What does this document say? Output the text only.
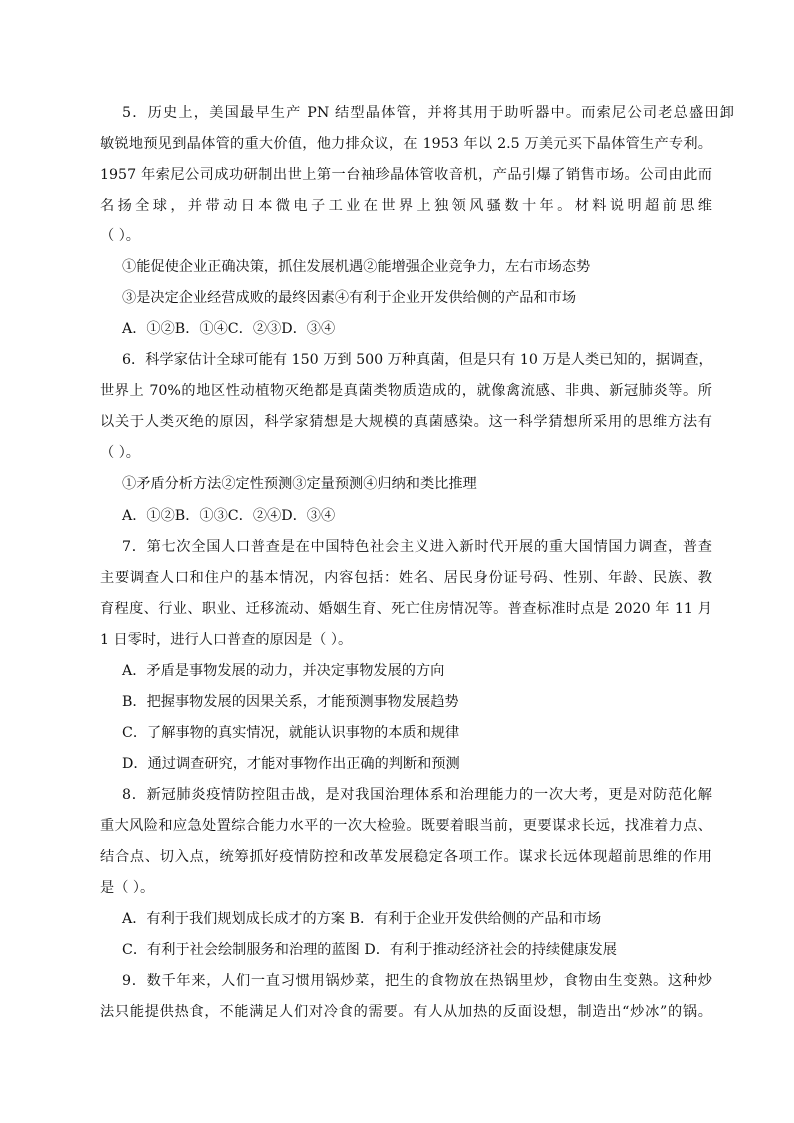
5．历史上，美国最早生产 PN 结型晶体管，并将其用于助听器中。而索尼公司老总盛田卸
敏锐地预见到晶体管的重大价值，他力排众议，在 1953 年以 2.5 万美元买下晶体管生产专利。
1957 年索尼公司成功研制出世上第一台袖珍晶体管收音机，产品引爆了销售市场。公司由此而
名扬全球，并带动日本微电子工业在世界上独领风骚数十年。材料说明超前思维
（ ）。
①能促使企业正确决策，抓住发展机遇②能增强企业竞争力，左右市场态势
③是决定企业经营成败的最终因素④有利于企业开发供给侧的产品和市场
A．①②B．①④C．②③D．③④
6．科学家估计全球可能有 150 万到 500 万种真菌，但是只有 10 万是人类已知的，据调查，
世界上 70%的地区性动植物灭绝都是真菌类物质造成的，就像禽流感、非典、新冠肺炎等。所
以关于人类灭绝的原因，科学家猜想是大规模的真菌感染。这一科学猜想所采用的思维方法有
（ ）。
①矛盾分析方法②定性预测③定量预测④归纳和类比推理
A．①②B．①③C．②④D．③④
7．第七次全国人口普查是在中国特色社会主义进入新时代开展的重大国情国力调查，普查
主要调查人口和住户的基本情况，内容包括：姓名、居民身份证号码、性别、年龄、民族、教
育程度、行业、职业、迁移流动、婚姻生育、死亡住房情况等。普查标准时点是 2020 年 11 月
1 日零时，进行人口普查的原因是（ ）。
A．矛盾是事物发展的动力，并决定事物发展的方向
B．把握事物发展的因果关系，才能预测事物发展趋势
C．了解事物的真实情况，就能认识事物的本质和规律
D．通过调查研究，才能对事物作出正确的判断和预测
8．新冠肺炎疫情防控阻击战，是对我国治理体系和治理能力的一次大考，更是对防范化解
重大风险和应急处置综合能力水平的一次大检验。既要着眼当前，更要谋求长远，找准着力点、
结合点、切入点，统筹抓好疫情防控和改革发展稳定各项工作。谋求长远体现超前思维的作用
是（ ）。
A．有利于我们规划成长成才的方案 B．有利于企业开发供给侧的产品和市场
C．有利于社会绘制服务和治理的蓝图 D．有利于推动经济社会的持续健康发展
9．数千年来，人们一直习惯用锅炒菜，把生的食物放在热锅里炒，食物由生变熟。这种炒
法只能提供热食，不能满足人们对冷食的需要。有人从加热的反面设想，制造出“炒冰”的锅。
